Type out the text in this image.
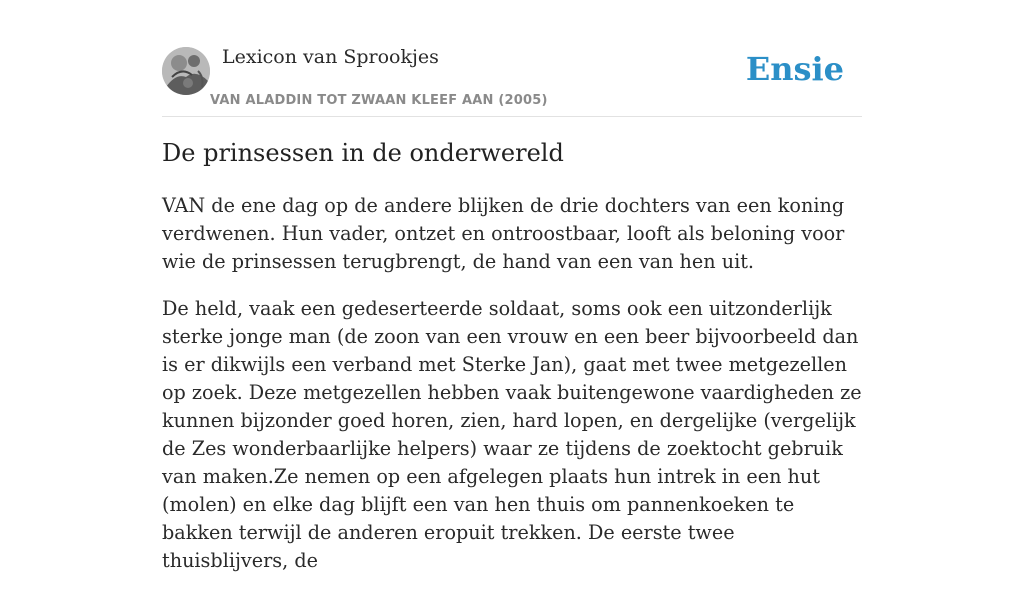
Lexicon van Sprookjes
VAN ALADDIN TOT ZWAAN KLEEF AAN (2005)
Ensie
De prinsessen in de onderwereld

VAN de ene dag op de andere blijken de drie dochters van een koning verdwenen. Hun vader, ontzet en ontroostbaar, looft als beloning voor wie de prinsessen terugbrengt, de hand van een van hen uit.

De held, vaak een gedeserteerde soldaat, soms ook een uitzonderlijk sterke jonge man (de zoon van een vrouw en een beer bijvoorbeeld dan is er dikwijls een verband met Sterke Jan), gaat met twee metgezellen op zoek. Deze metgezellen hebben vaak buitengewone vaardigheden ze kunnen bijzonder goed horen, zien, hard lopen, en dergelijke (vergelijk de Zes wonderbaarlijke helpers) waar ze tijdens de zoektocht gebruik van maken.Ze nemen op een afgelegen plaats hun intrek in een hut (molen) en elke dag blijft een van hen thuis om pannenkoeken te bakken terwijl de anderen eropuit trekken. De eerste twee thuisblijvers, de
